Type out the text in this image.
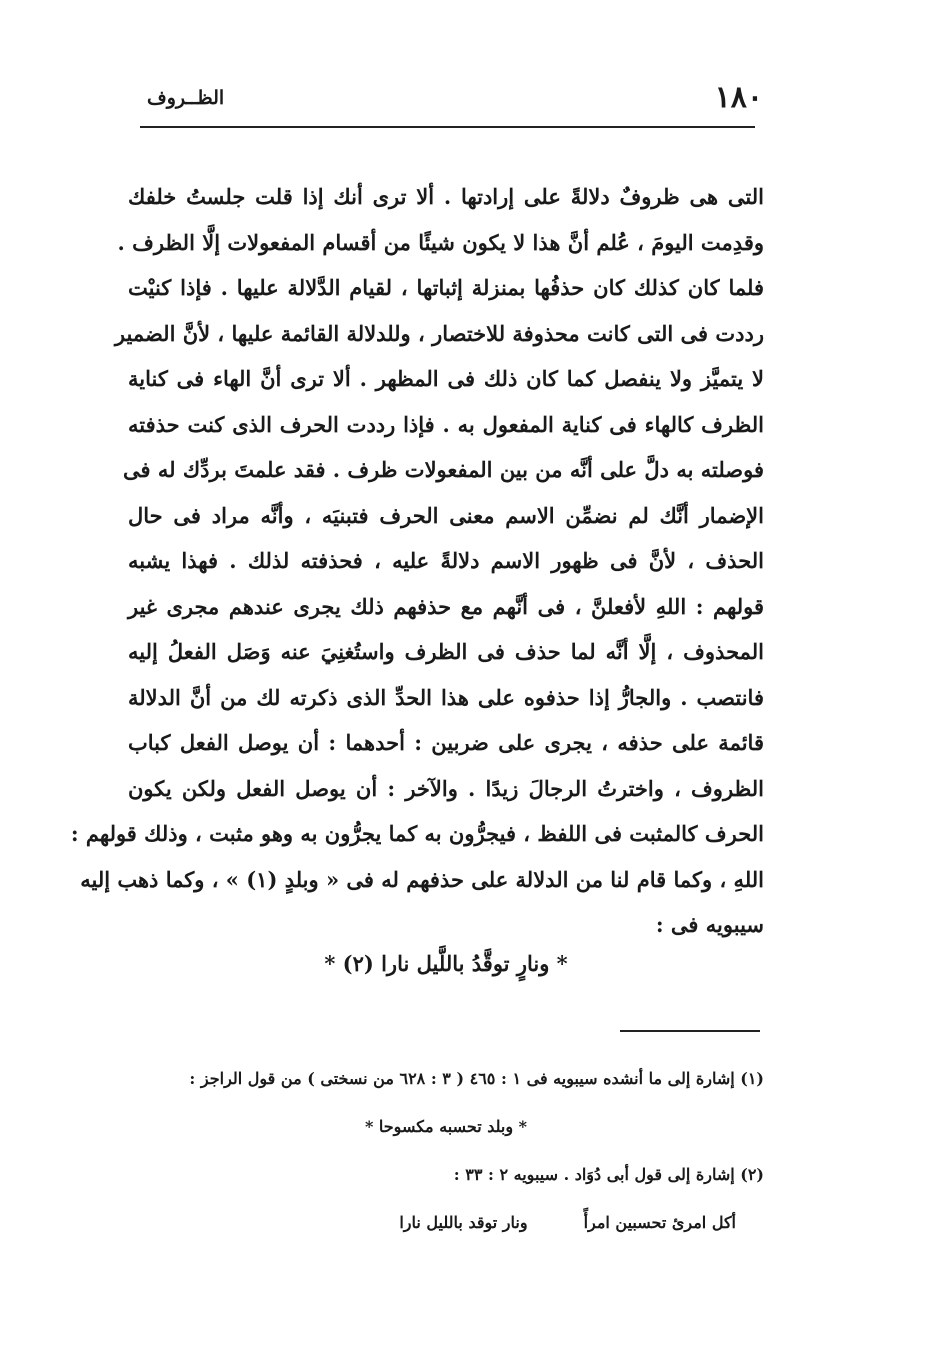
١٨٠
الظــروف
التى هى ظروفٌ دلالةً على إرادتها . ألا ترى أنك إذا قلت جلستُ خلفك
وقدِمت اليومَ ، عُلم أنَّ هذا لا يكون شيئًا من أقسام المفعولات إلَّا الظرف .
فلما كان كذلك كان حذفُها بمنزلة إثباتها ، لقيام الدَّلالة عليها . فإذا كنيْت
رددت فى التى كانت محذوفة للاختصار ، وللدلالة القائمة عليها ، لأنَّ الضمير
لا يتميَّز ولا ينفصل كما كان ذلك فى المظهر . ألا ترى أنَّ الهاء فى كناية
الظرف كالهاء فى كناية المفعول به . فإذا رددت الحرف الذى كنت حذفته
فوصلته به دلَّ على أنَّه من بين المفعولات ظرف . فقد علمتَ بردِّك له فى
الإضمار أنَّك لم نضمِّن الاسم معنى الحرف فتبنيَه ، وأنَّه مراد فى حال
الحذف ، لأنَّ فى ظهور الاسم دلالةً عليه ، فحذفته لذلك . فهذا يشبه
قولهم : اللهِ لأفعلنَّ ، فى أنَّهم مع حذفهم ذلك يجرى عندهم مجرى غير
المحذوف ، إلَّا أنَّه لما حذف فى الظرف واستُغنِيَ عنه وَصَل الفعلُ إليه
فانتصب . والجارُّ إذا حذفوه على هذا الحدِّ الذى ذكرته لك من أنَّ الدلالة
قائمة على حذفه ، يجرى على ضربين : أحدهما : أن يوصل الفعل كباب
الظروف ، واخترتُ الرجالَ زيدًا . والآخر : أن يوصل الفعل ولكن يكون
الحرف كالمثبت فى اللفظ ، فيجرُّون به كما يجرُّون به وهو مثبت ، وذلك قولهم :
اللهِ ، وكما قام لنا من الدلالة على حذفهم له فى « وبلدٍ (١) » ، وكما ذهب إليه
سيبويه فى :
* ونارٍ توقَّدُ باللَّيل نارا (٢) *
(١) إشارة إلى ما أنشده سيبويه فى ١ : ٤٦٥ ( ٣ : ٦٢٨ من نسختى ) من قول الراجز :
* وبلد تحسبه مكسوحا *
(٢) إشارة إلى قول أبى دُوَاد . سيبويه ٢ : ٣٣ :
أكل امرئ تحسبين امرأً
ونار توقد بالليل نارا
